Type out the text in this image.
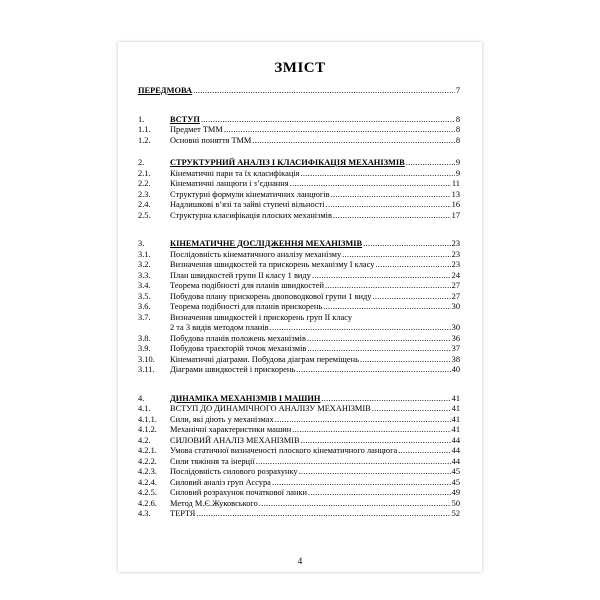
ЗМІСТ
ПЕРЕДМОВА .....	7
1.	ВСТУП .....	8
1.1. Предмет ТММ .....	8
1.2. Основні поняття ТММ .....	8
2.	СТРУКТУРНИЙ АНАЛІЗ І КЛАСИФІКАЦІЯ МЕХАНІЗМІВ .....	9
2.1. Кінематичні пари та їх класифікація .....	9
2.2. Кінематичні ланцюги і з’єднання .....	11
2.3. Структурні формули кінематичних ланцюгів .....	13
2.4. Надлишкові в’язі та зайві ступені вільності .....	16
2.5. Структурна класифікація плоских механізмів .....	17
3.	КІНЕМАТИЧНЕ ДОСЛІДЖЕННЯ МЕХАНІЗМІВ .....	23
3.1. Послідовність кінематичного аналізу механізму .....	23
3.2. Визначення швидкостей та прискорень механізму I класу .....	23
3.3. План швидкостей групи II класу 1 виду .....	24
3.4. Теорема подібності для планів швидкостей .....	27
3.5. Побудова плану прискорень двоповодкової групи 1 виду .....	27
3.6. Теорема подібності для планів прискорень .....	30
3.7. Визначення швидкостей і прискорень груп II класу
2 та 3 видів методом планів .....	30
3.8. Побудова планів положень механізмів .....	36
3.9. Побудова траєкторій точок механізмів .....	37
3.10. Кінематичні діаграми. Побудова діаграм переміщень .....	38
3.11. Діаграми швидкостей і прискорень .....	40
4.	ДИНАМІКА МЕХАНІЗМІВ І МАШИН .....	41
4.1. ВСТУП ДО ДИНАМІЧНОГО АНАЛІЗУ МЕХАНІЗМІВ .....	41
4.1.1. Сили, які діють у механізмах .....	41
4.1.2. Механічні характеристики машин .....	41
4.2. СИЛОВИЙ АНАЛІЗ МЕХАНІЗМІВ .....	44
4.2.1. Умова статичної визначеності плоского кінематичного ланцюга .....	44
4.2.2. Сили тяжіння та інерції .....	44
4.2.3. Послідовність силового розрахунку .....	45
4.2.4. Силовий аналіз груп Ассура .....	45
4.2.5. Силовий розрахунок початкової ланки .....	49
4.2.6. Метод М.Є.Жуковського .....	50
4.3. ТЕРТЯ .....	52
4
